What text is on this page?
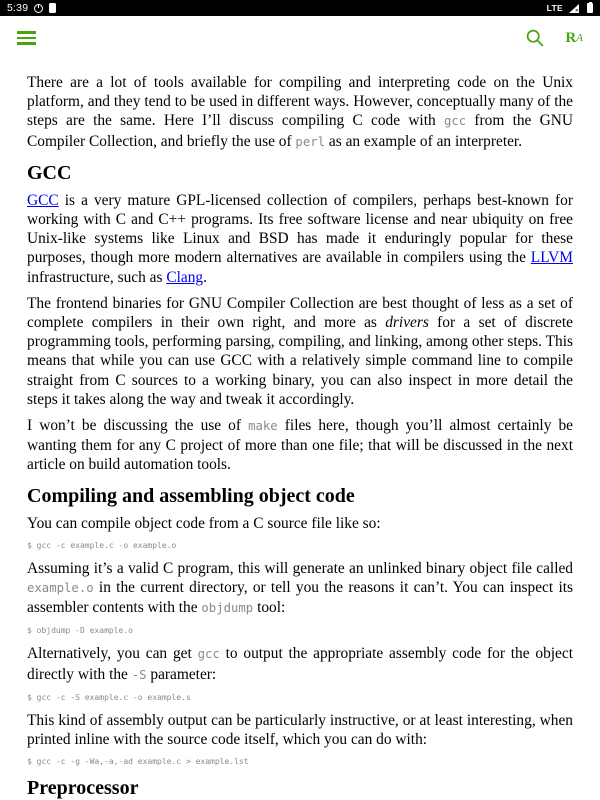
5:39	LTE
✕
R A

There are a lot of tools available for compiling and interpreting code on the Unix platform, and they tend to be used in different ways. However, conceptually many of the steps are the same. Here I’ll discuss compiling C code with gcc from the GNU Compiler Collection, and briefly the use of perl as an example of an interpreter.

GCC

GCC is a very mature GPL-licensed collection of compilers, perhaps best-known for working with C and C++ programs. Its free software license and near ubiquity on free Unix-like systems like Linux and BSD has made it enduringly popular for these purposes, though more modern alternatives are available in compilers using the LLVM infrastructure, such as Clang.

The frontend binaries for GNU Compiler Collection are best thought of less as a set of complete compilers in their own right, and more as drivers for a set of discrete programming tools, performing parsing, compiling, and linking, among other steps. This means that while you can use GCC with a relatively simple command line to compile straight from C sources to a working binary, you can also inspect in more detail the steps it takes along the way and tweak it accordingly.

I won’t be discussing the use of make files here, though you’ll almost certainly be wanting them for any C project of more than one file; that will be discussed in the next article on build automation tools.

Compiling and assembling object code

You can compile object code from a C source file like so:

$ gcc -c example.c -o example.o

Assuming it’s a valid C program, this will generate an unlinked binary object file called example.o in the current directory, or tell you the reasons it can’t. You can inspect its assembler contents with the objdump tool:

$ objdump -D example.o

Alternatively, you can get gcc to output the appropriate assembly code for the object directly with the -S parameter:

$ gcc -c -S example.c -o example.s

This kind of assembly output can be particularly instructive, or at least interesting, when printed inline with the source code itself, which you can do with:

$ gcc -c -g -Wa,-a,-ad example.c > example.lst
Preprocessor
